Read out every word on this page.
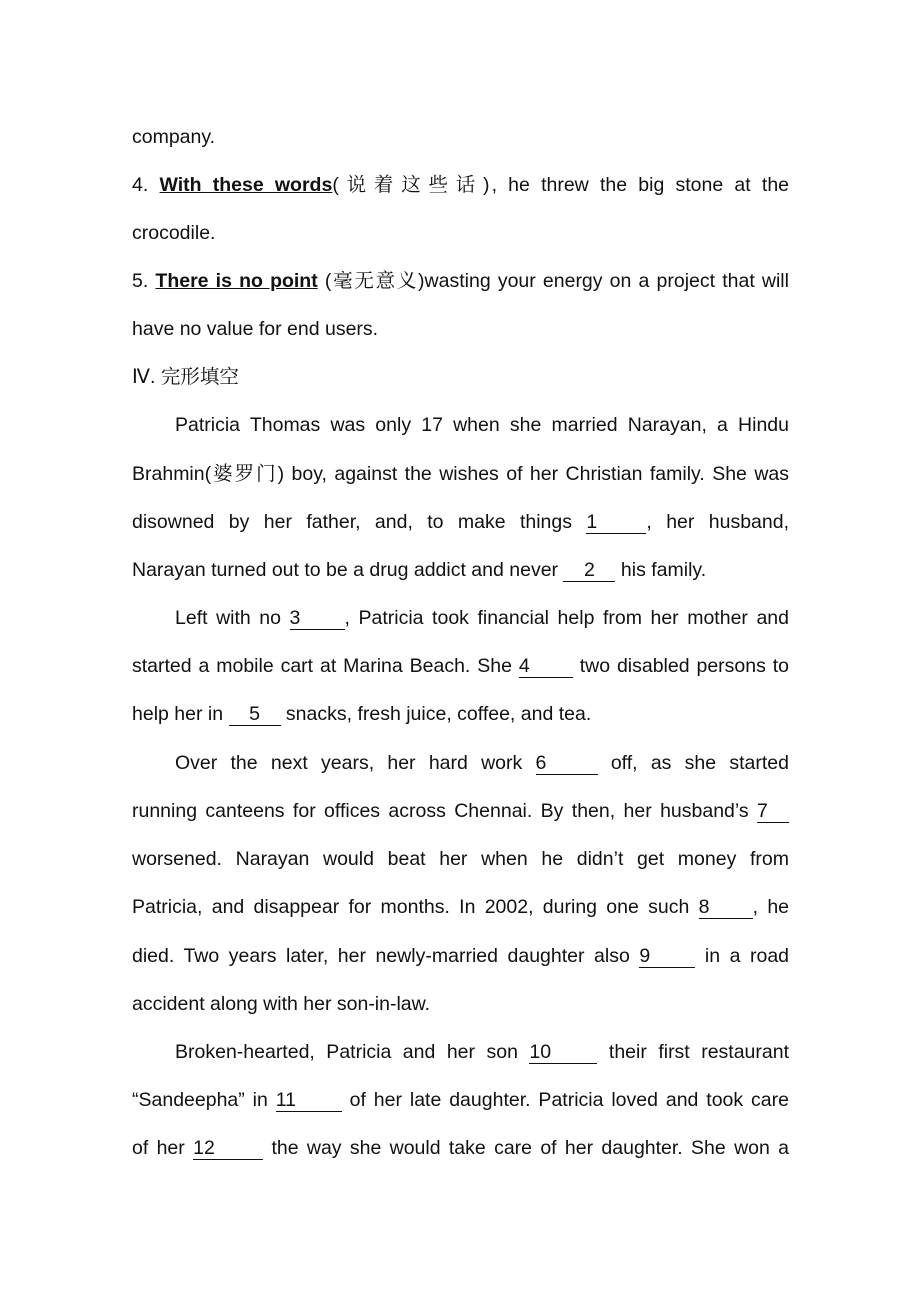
company.
4. With these words(说着这些话), he threw the big stone at the
crocodile.
5. There is no point (毫无意义)wasting your energy on a project that will
have no value for end users.
Ⅳ. 完形填空
Patricia Thomas was only 17 when she married Narayan, a Hindu
Brahmin(婆罗门) boy, against the wishes of her Christian family. She was
disowned by her father, and, to make things 1	, her husband,
Narayan turned out to be a drug addict and never 2 his family.
Left with no 3 , Patricia took financial help from her mother and
started a mobile cart at Marina Beach. She 4	two disabled persons to
help her in 5 snacks, fresh juice, coffee, and tea.
Over the next years, her hard work 6	off, as she started
running canteens for offices across Chennai. By then, her husband’s 7
worsened. Narayan would beat her when he didn’t get money from
Patricia, and disappear for months. In 2002, during one such 8 , he
died. Two years later, her newly-married daughter also 9	in a road
accident along with her son-in-law.
Broken-hearted, Patricia and her son 10	their first restaurant
“Sandeepha” in 11	of her late daughter. Patricia loved and took care
of her 12	the way she would take care of her daughter. She won a
